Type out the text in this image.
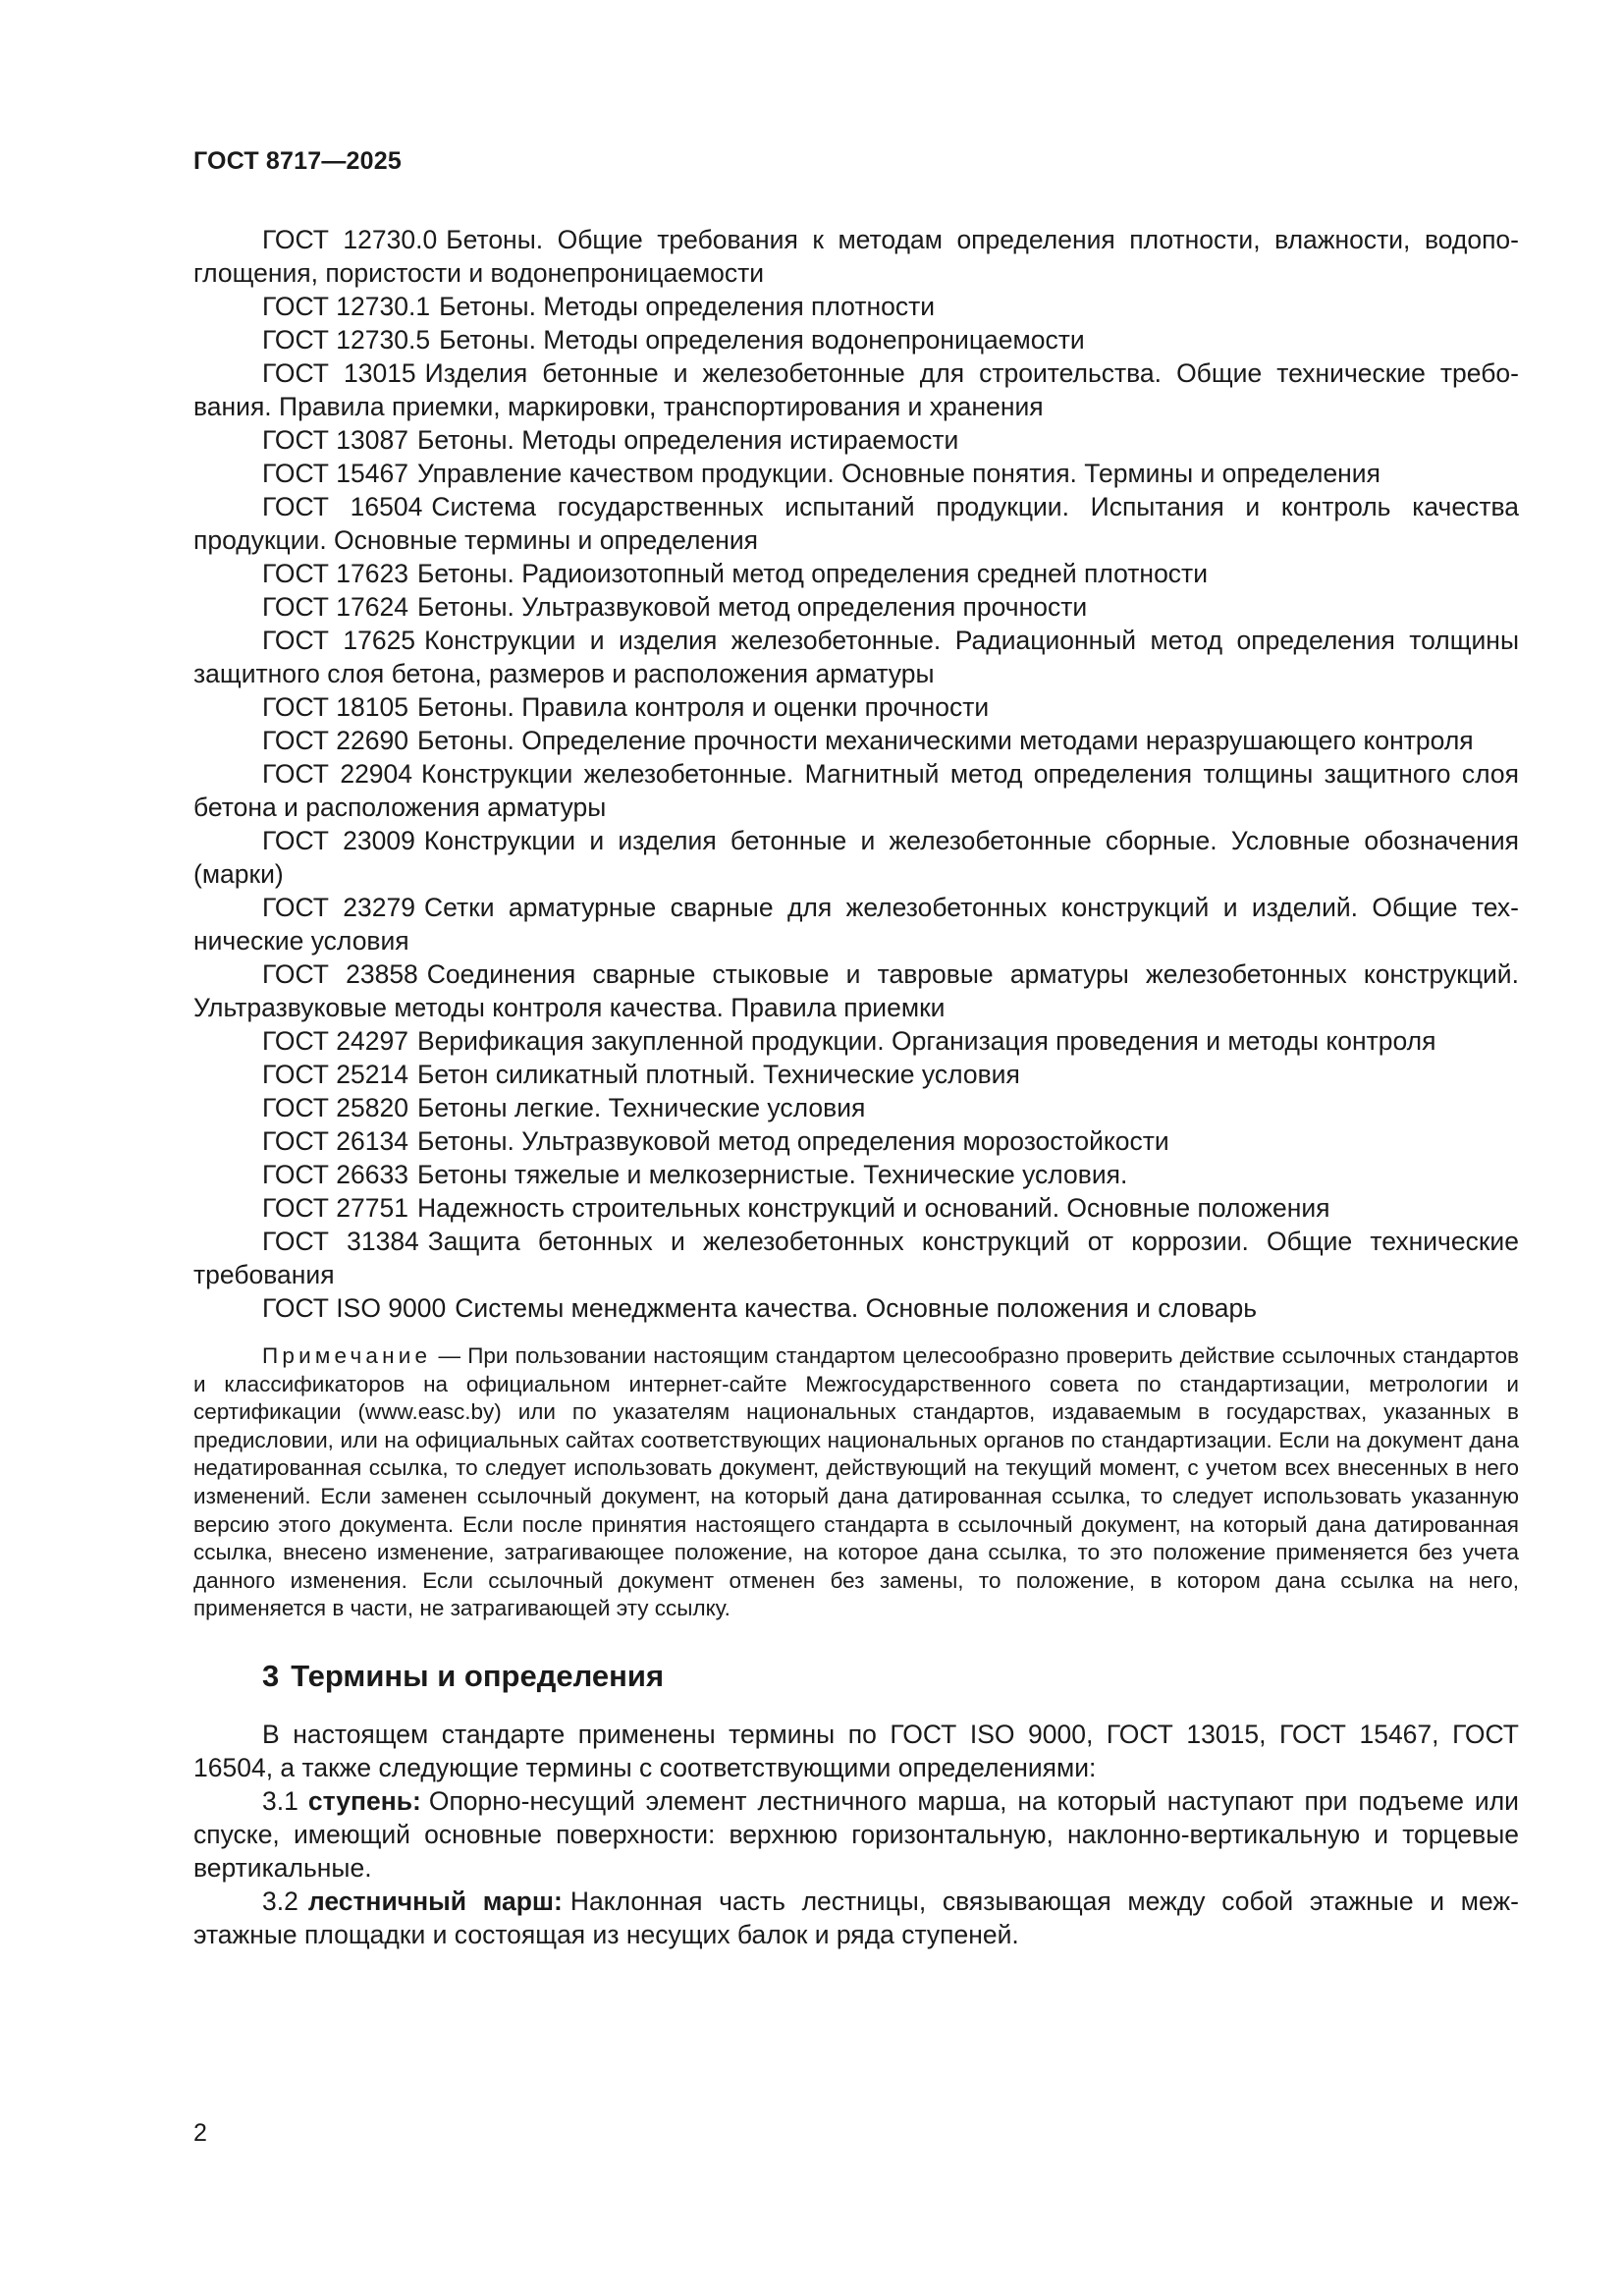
ГОСТ 8717—2025

ГОСТ 12730.0 Бетоны. Общие требования к методам определения плотности, влажности, водопоглощения, пористости и водонепроницаемости

ГОСТ 12730.1 Бетоны. Методы определения плотности

ГОСТ 12730.5 Бетоны. Методы определения водонепроницаемости

ГОСТ 13015 Изделия бетонные и железобетонные для строительства. Общие технические требования. Правила приемки, маркировки, транспортирования и хранения

ГОСТ 13087 Бетоны. Методы определения истираемости

ГОСТ 15467 Управление качеством продукции. Основные понятия. Термины и определения

ГОСТ 16504 Система государственных испытаний продукции. Испытания и контроль качества продукции. Основные термины и определения

ГОСТ 17623 Бетоны. Радиоизотопный метод определения средней плотности

ГОСТ 17624 Бетоны. Ультразвуковой метод определения прочности

ГОСТ 17625 Конструкции и изделия железобетонные. Радиационный метод определения толщины защитного слоя бетона, размеров и расположения арматуры

ГОСТ 18105 Бетоны. Правила контроля и оценки прочности

ГОСТ 22690 Бетоны. Определение прочности механическими методами неразрушающего контроля

ГОСТ 22904 Конструкции железобетонные. Магнитный метод определения толщины защитного слоя бетона и расположения арматуры

ГОСТ 23009 Конструкции и изделия бетонные и железобетонные сборные. Условные обозначения (марки)

ГОСТ 23279 Сетки арматурные сварные для железобетонных конструкций и изделий. Общие технические условия

ГОСТ 23858 Соединения сварные стыковые и тавровые арматуры железобетонных конструкций. Ультразвуковые методы контроля качества. Правила приемки

ГОСТ 24297 Верификация закупленной продукции. Организация проведения и методы контроля

ГОСТ 25214 Бетон силикатный плотный. Технические условия

ГОСТ 25820 Бетоны легкие. Технические условия

ГОСТ 26134 Бетоны. Ультразвуковой метод определения морозостойкости

ГОСТ 26633 Бетоны тяжелые и мелкозернистые. Технические условия.

ГОСТ 27751 Надежность строительных конструкций и оснований. Основные положения

ГОСТ 31384 Защита бетонных и железобетонных конструкций от коррозии. Общие технические требования

ГОСТ ISO 9000 Системы менеджмента качества. Основные положения и словарь

Примечание — При пользовании настоящим стандартом целесообразно проверить действие ссылочных стандартов и классификаторов на официальном интернет-сайте Межгосударственного совета по стандартизации, метрологии и сертификации (www.easc.by) или по указателям национальных стандартов, издаваемым в государствах, указанных в предисловии, или на официальных сайтах соответствующих национальных органов по стандартизации. Если на документ дана недатированная ссылка, то следует использовать документ, действующий на текущий момент, с учетом всех внесенных в него изменений. Если заменен ссылочный документ, на который дана датированная ссылка, то следует использовать указанную версию этого документа. Если после принятия настоящего стандарта в ссылочный документ, на который дана датированная ссылка, внесено изменение, затрагивающее положение, на которое дана ссылка, то это положение применяется без учета данного изменения. Если ссылочный документ отменен без замены, то положение, в котором дана ссылка на него, применяется в части, не затрагивающей эту ссылку.

3 Термины и определения

В настоящем стандарте применены термины по ГОСТ ISO 9000, ГОСТ 13015, ГОСТ 15467, ГОСТ 16504, а также следующие термины с соответствующими определениями:

3.1 ступень: Опорно-несущий элемент лестничного марша, на который наступают при подъеме или спуске, имеющий основные поверхности: верхнюю горизонтальную, наклонно-вертикальную и торцевые вертикальные.

3.2 лестничный марш: Наклонная часть лестницы, связывающая между собой этажные и межэтажные площадки и состоящая из несущих балок и ряда ступеней.

2
